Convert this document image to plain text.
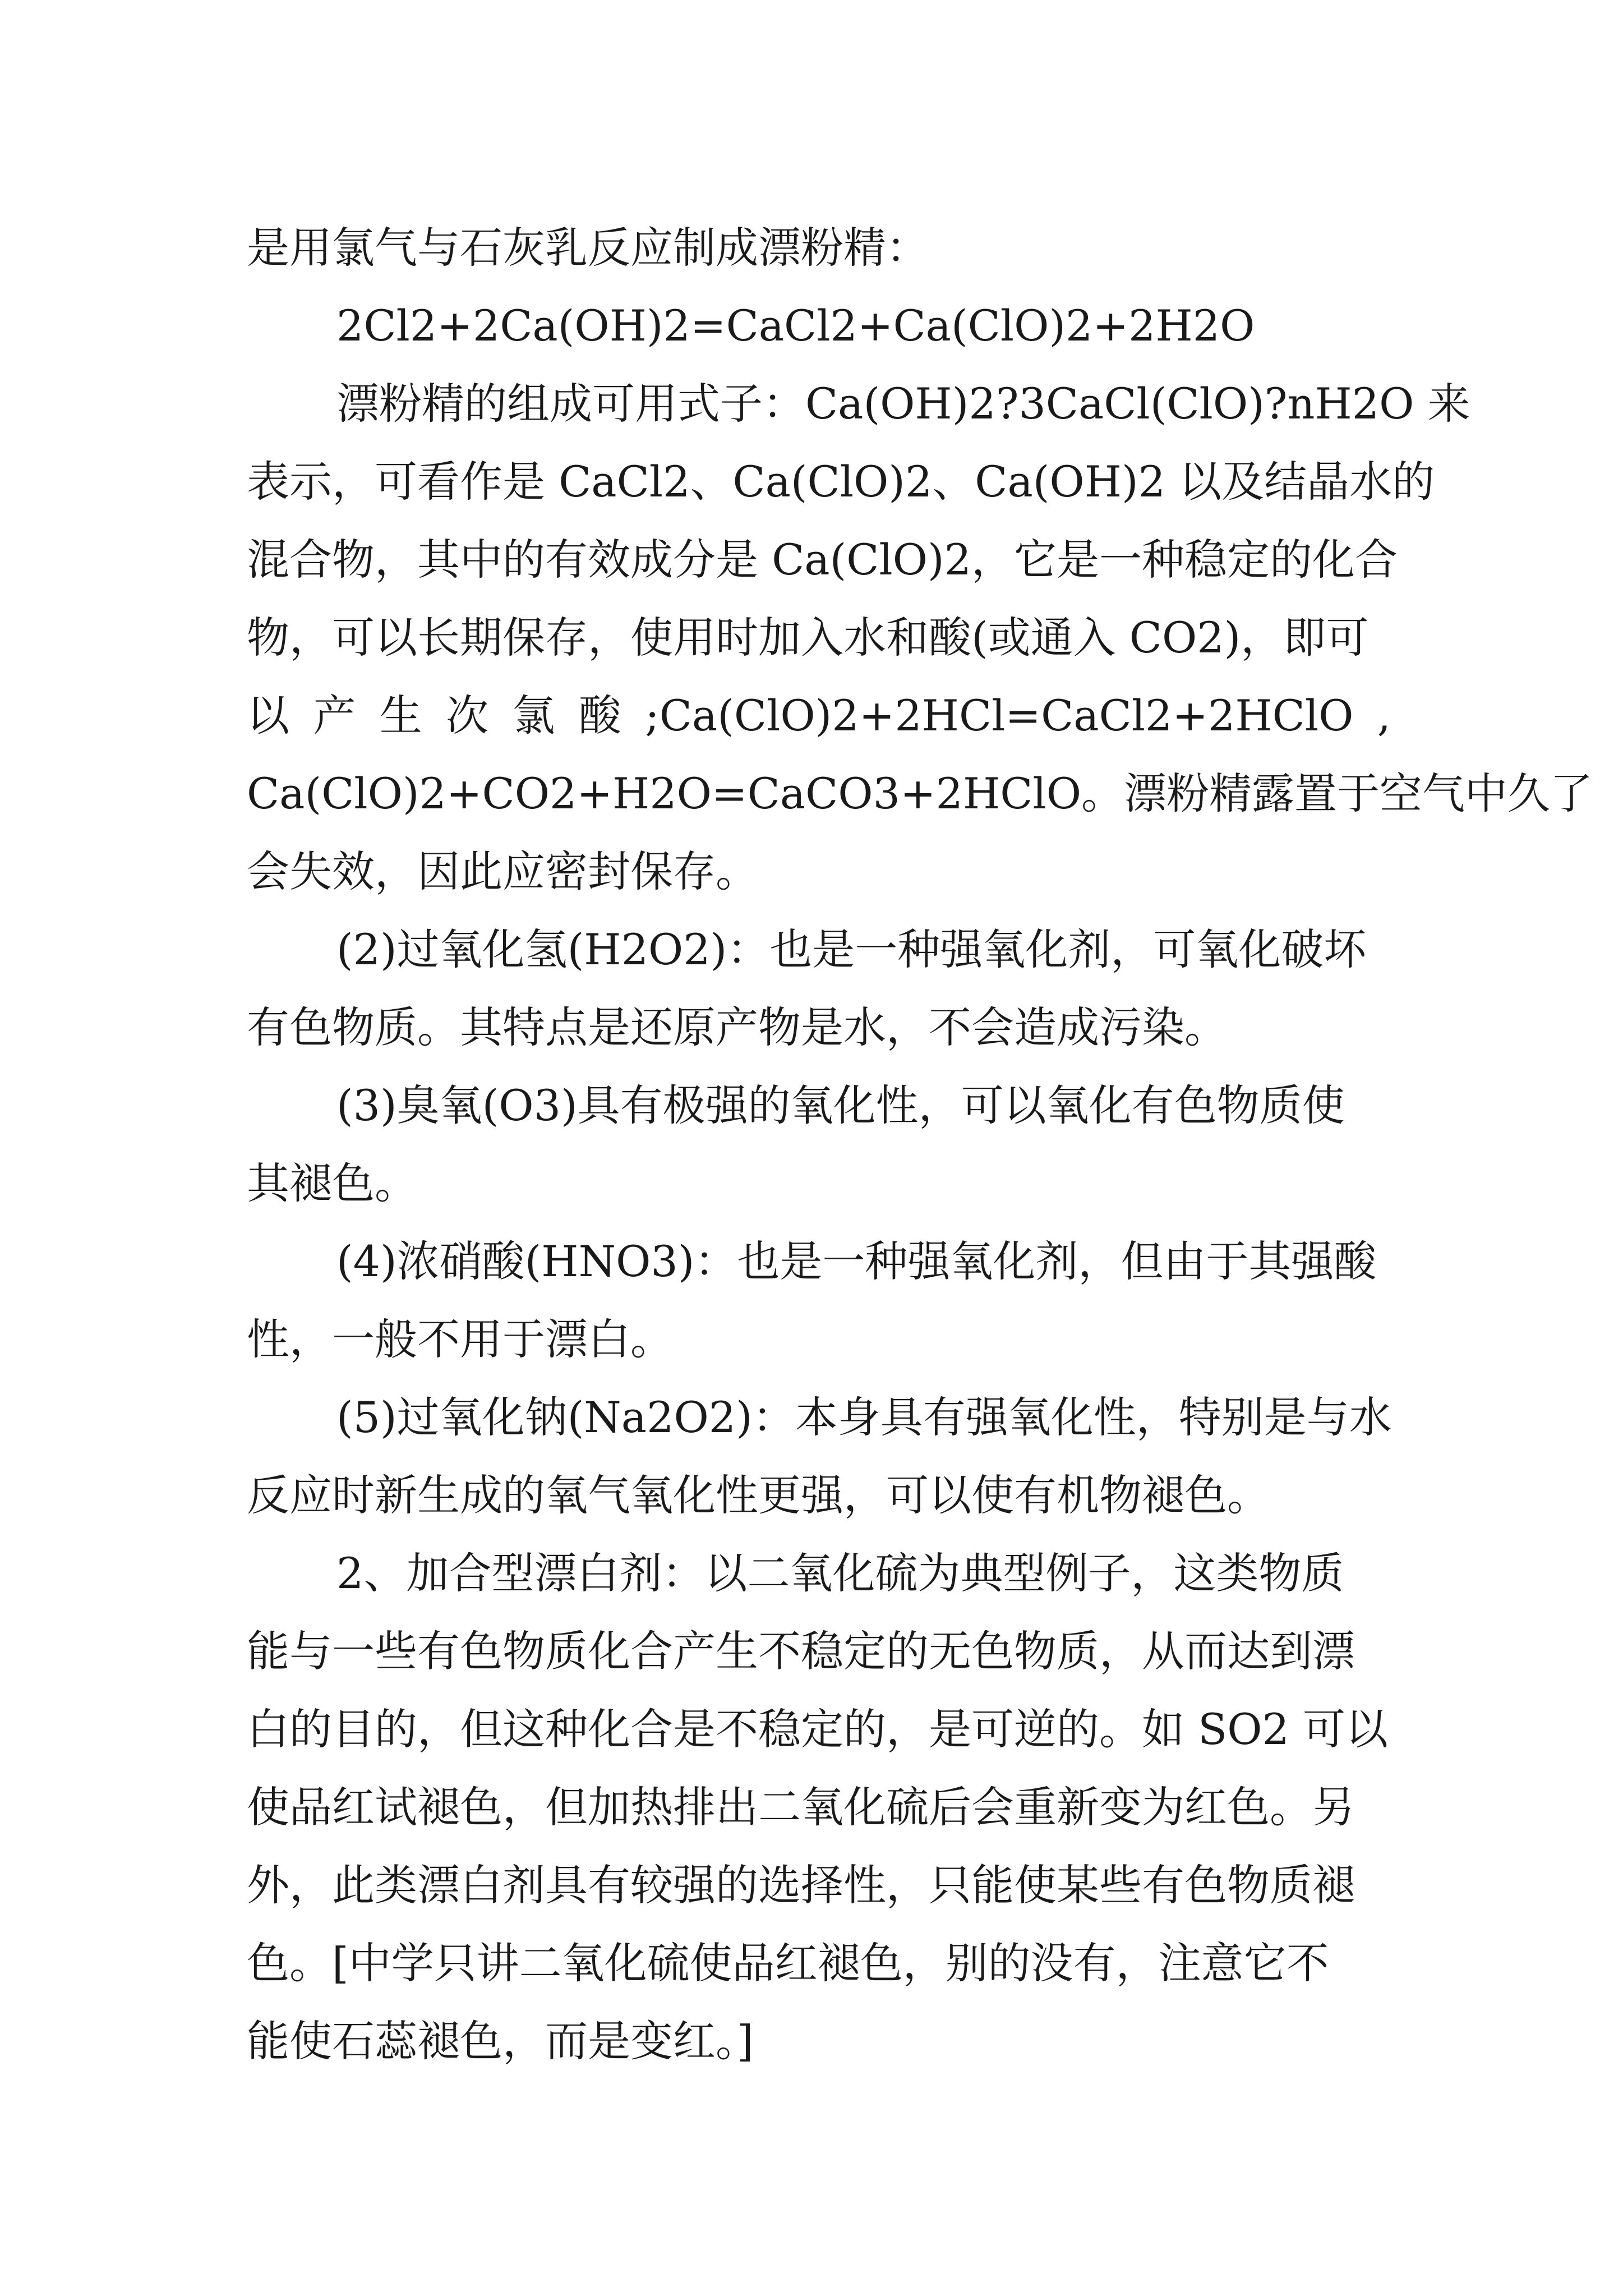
是用氯气与石灰乳反应制成漂粉精：
2Cl2+2Ca(OH)2=CaCl2+Ca(ClO)2+2H2O
漂粉精的组成可用式子：Ca(OH)2?3CaCl(ClO)?nH2O 来
表示，可看作是 CaCl2、Ca(ClO)2、Ca(OH)2 以及结晶水的
混合物，其中的有效成分是 Ca(ClO)2，它是一种稳定的化合
物，可以长期保存，使用时加入水和酸(或通入 CO2)，即可
以 产 生 次 氯 酸 ;Ca(ClO)2+2HCl=CaCl2+2HClO ,
Ca(ClO)2+CO2+H2O=CaCO3+2HClO。漂粉精露置于空气中久了
会失效，因此应密封保存。
(2)过氧化氢(H2O2)：也是一种强氧化剂，可氧化破坏
有色物质。其特点是还原产物是水，不会造成污染。
(3)臭氧(O3)具有极强的氧化性，可以氧化有色物质使
其褪色。
(4)浓硝酸(HNO3)：也是一种强氧化剂，但由于其强酸
性，一般不用于漂白。
(5)过氧化钠(Na2O2)：本身具有强氧化性，特别是与水
反应时新生成的氧气氧化性更强，可以使有机物褪色。
2、加合型漂白剂：以二氧化硫为典型例子，这类物质
能与一些有色物质化合产生不稳定的无色物质，从而达到漂
白的目的，但这种化合是不稳定的，是可逆的。如 SO2 可以
使品红试褪色，但加热排出二氧化硫后会重新变为红色。另
外，此类漂白剂具有较强的选择性，只能使某些有色物质褪
色。[中学只讲二氧化硫使品红褪色，别的没有，注意它不
能使石蕊褪色，而是变红。]
